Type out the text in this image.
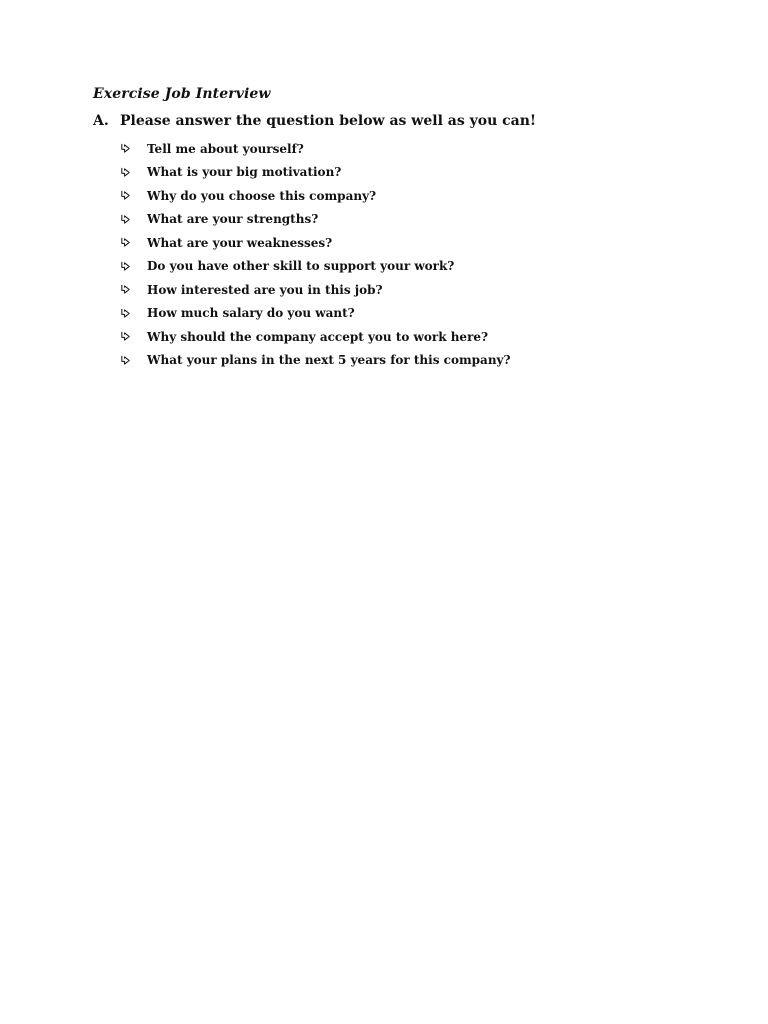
Exercise Job Interview
A. Please answer the question below as well as you can!
Tell me about yourself?
What is your big motivation?
Why do you choose this company?
What are your strengths?
What are your weaknesses?
Do you have other skill to support your work?
How interested are you in this job?
How much salary do you want?
Why should the company accept you to work here?
What your plans in the next 5 years for this company?
